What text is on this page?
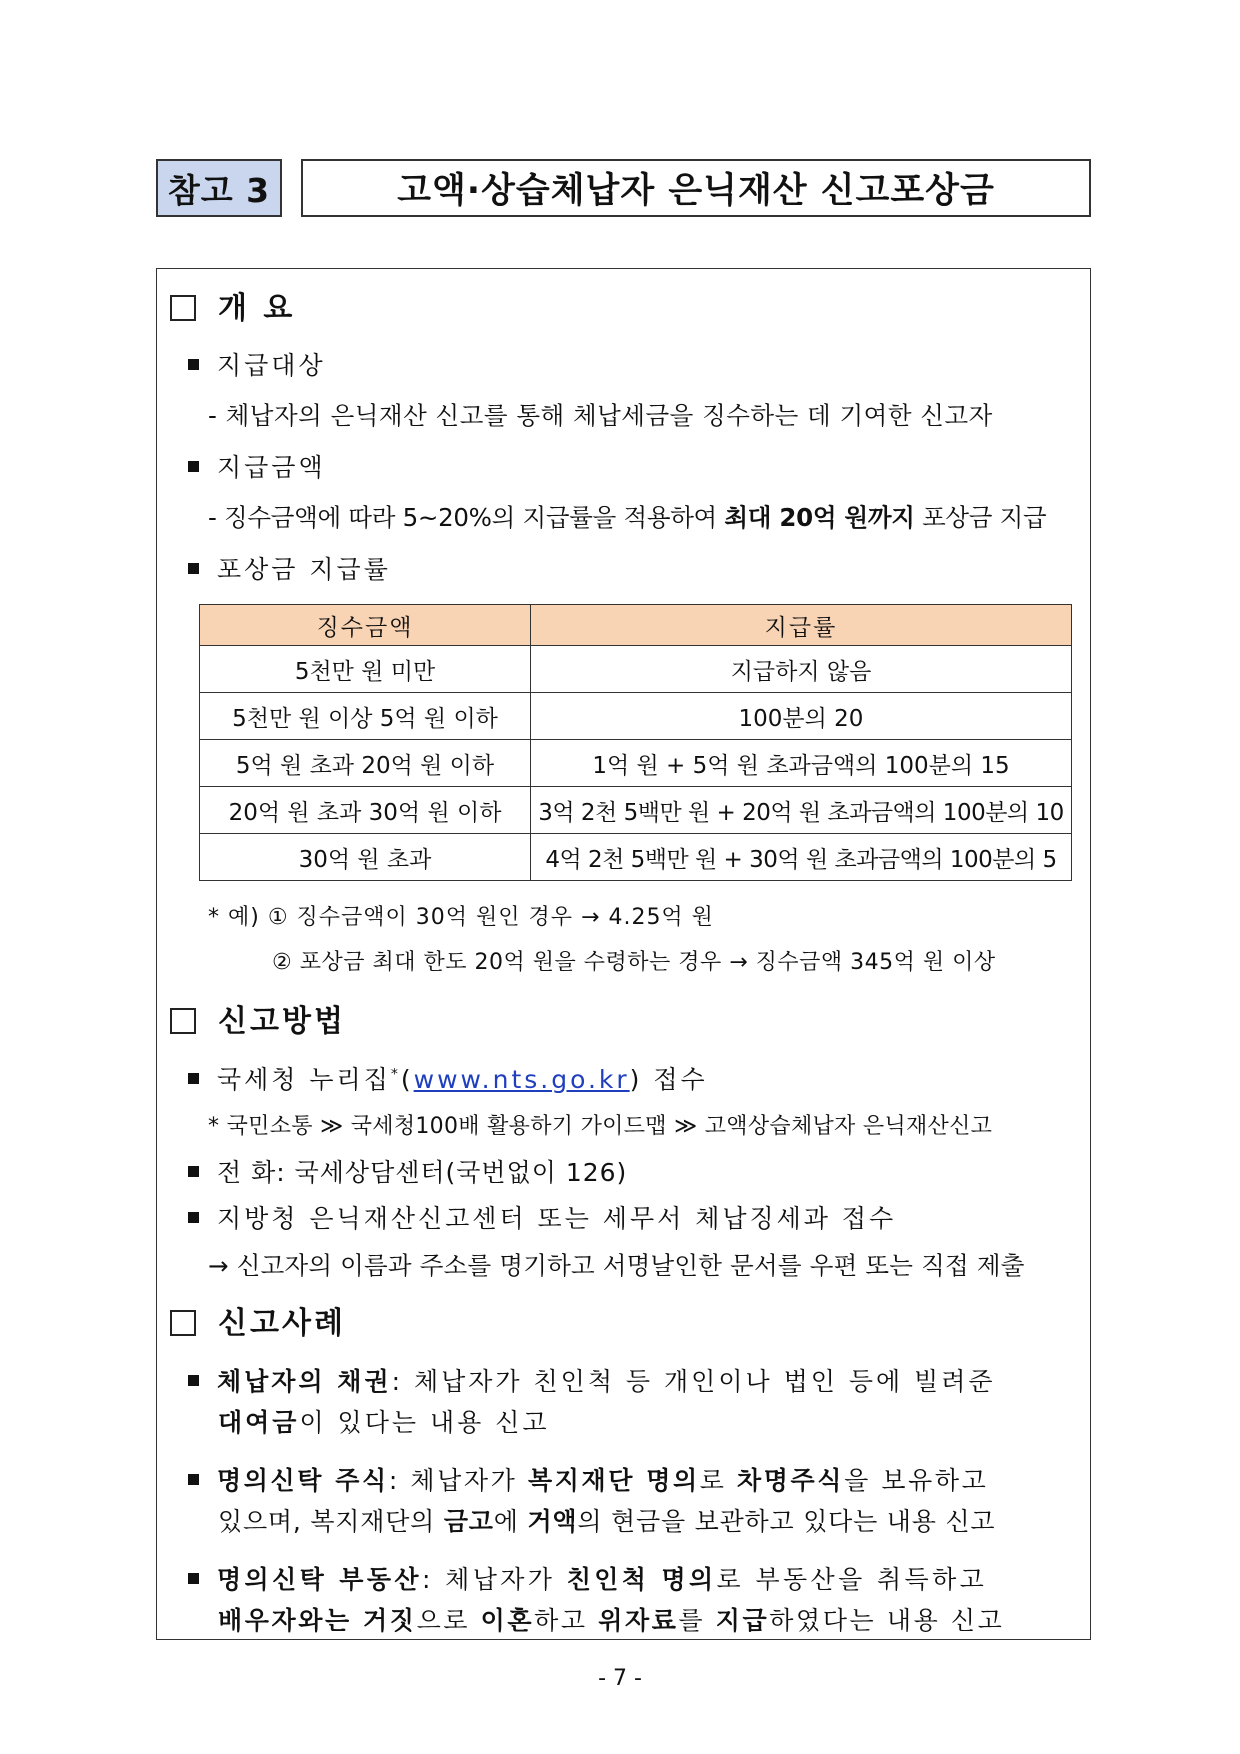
참고 3	고액·상습체납자 은닉재산 신고포상금
개 요
지급대상
- 체납자의 은닉재산 신고를 통해 체납세금을 징수하는 데 기여한 신고자
지급금액
- 징수금액에 따라 5~20%의 지급률을 적용하여 최대 20억 원까지 포상금 지급
포상금 지급률
징수금액	지급률
5천만 원 미만	지급하지 않음
5천만 원 이상 5억 원 이하	100분의 20
5억 원 초과 20억 원 이하	1억 원 + 5억 원 초과금액의 100분의 15
20억 원 초과 30억 원 이하	3억 2천 5백만 원 + 20억 원 초과금액의 100분의 10
30억 원 초과	4억 2천 5백만 원 + 30억 원 초과금액의 100분의 5
* 예) ① 징수금액이 30억 원인 경우 → 4.25억 원
② 포상금 최대 한도 20억 원을 수령하는 경우 → 징수금액 345억 원 이상
신고방법
국세청 누리집*(www.nts.go.kr) 접수
* 국민소통 ≫ 국세청100배 활용하기 가이드맵 ≫ 고액상습체납자 은닉재산신고
전 화: 국세상담센터(국번없이 126)
지방청 은닉재산신고센터 또는 세무서 체납징세과 접수
→ 신고자의 이름과 주소를 명기하고 서명날인한 문서를 우편 또는 직접 제출
신고사례
체납자의 채권: 체납자가 친인척 등 개인이나 법인 등에 빌려준
대여금이 있다는 내용 신고
명의신탁 주식: 체납자가 복지재단 명의로 차명주식을 보유하고
있으며, 복지재단의 금고에 거액의 현금을 보관하고 있다는 내용 신고
명의신탁 부동산: 체납자가 친인척 명의로 부동산을 취득하고
배우자와는 거짓으로 이혼하고 위자료를 지급하였다는 내용 신고
- 7 -
